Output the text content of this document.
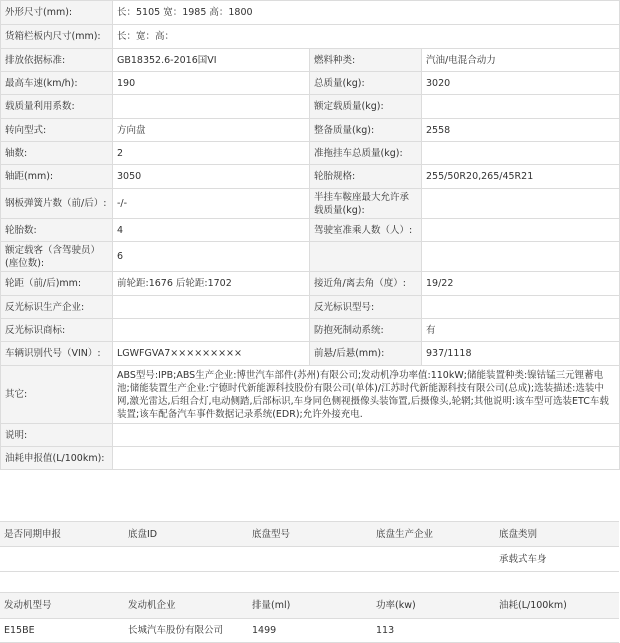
外形尺寸(mm):	长：5105 宽：1985 高：1800		
货箱栏板内尺寸(mm):	长：宽：高：		
排放依据标准:	GB18352.6-2016国VI	燃料种类:	汽油/电混合动力
最高车速(km/h):	190	总质量(kg):	3020
载质量利用系数:		额定载质量(kg):	
转向型式:	方向盘	整备质量(kg):	2558
轴数:	2	准拖挂车总质量(kg):	
轴距(mm):	3050	轮胎规格:	255/50R20,265/45R21
钢板弹簧片数（前/后）:	-/-	半挂车鞍座最大允许承载质量(kg):	
轮胎数:	4	驾驶室准乘人数（人）:	
额定载客（含驾驶员）(座位数):	6		
轮距（前/后)mm:	前轮距:1676 后轮距:1702	接近角/离去角（度）:	19/22
反光标识生产企业:		反光标识型号:	
反光标识商标:		防抱死制动系统:	有
车辆识别代号（VIN）:	LGWFGVA7×××××××××	前悬/后悬(mm):	937/1118
其它:	ABS型号:IPB;ABS生产企业:博世汽车部件(苏州)有限公司;发动机净功率值:110kW;储能装置种类:镍钴锰三元锂蓄电池;储能装置生产企业:宁德时代新能源科技股份有限公司(单体)/江苏时代新能源科技有限公司(总成);选装描述:选装中网,激光雷达,后组合灯,电动侧踏,后部标识,车身同色侧视摄像头装饰置,后摄像头,轮辋;其他说明:该车型可选装ETC车载装置;该车配备汽车事件数据记录系统(EDR);允许外接充电.		
说明:			
油耗申报值(L/100km):			
是否同期申报	底盘ID	底盘型号	底盘生产企业	底盘类别
				承载式车身
发动机型号	发动机企业	排量(ml)	功率(kw)	油耗(L/100km)
E15BE	长城汽车股份有限公司	1499	113	
